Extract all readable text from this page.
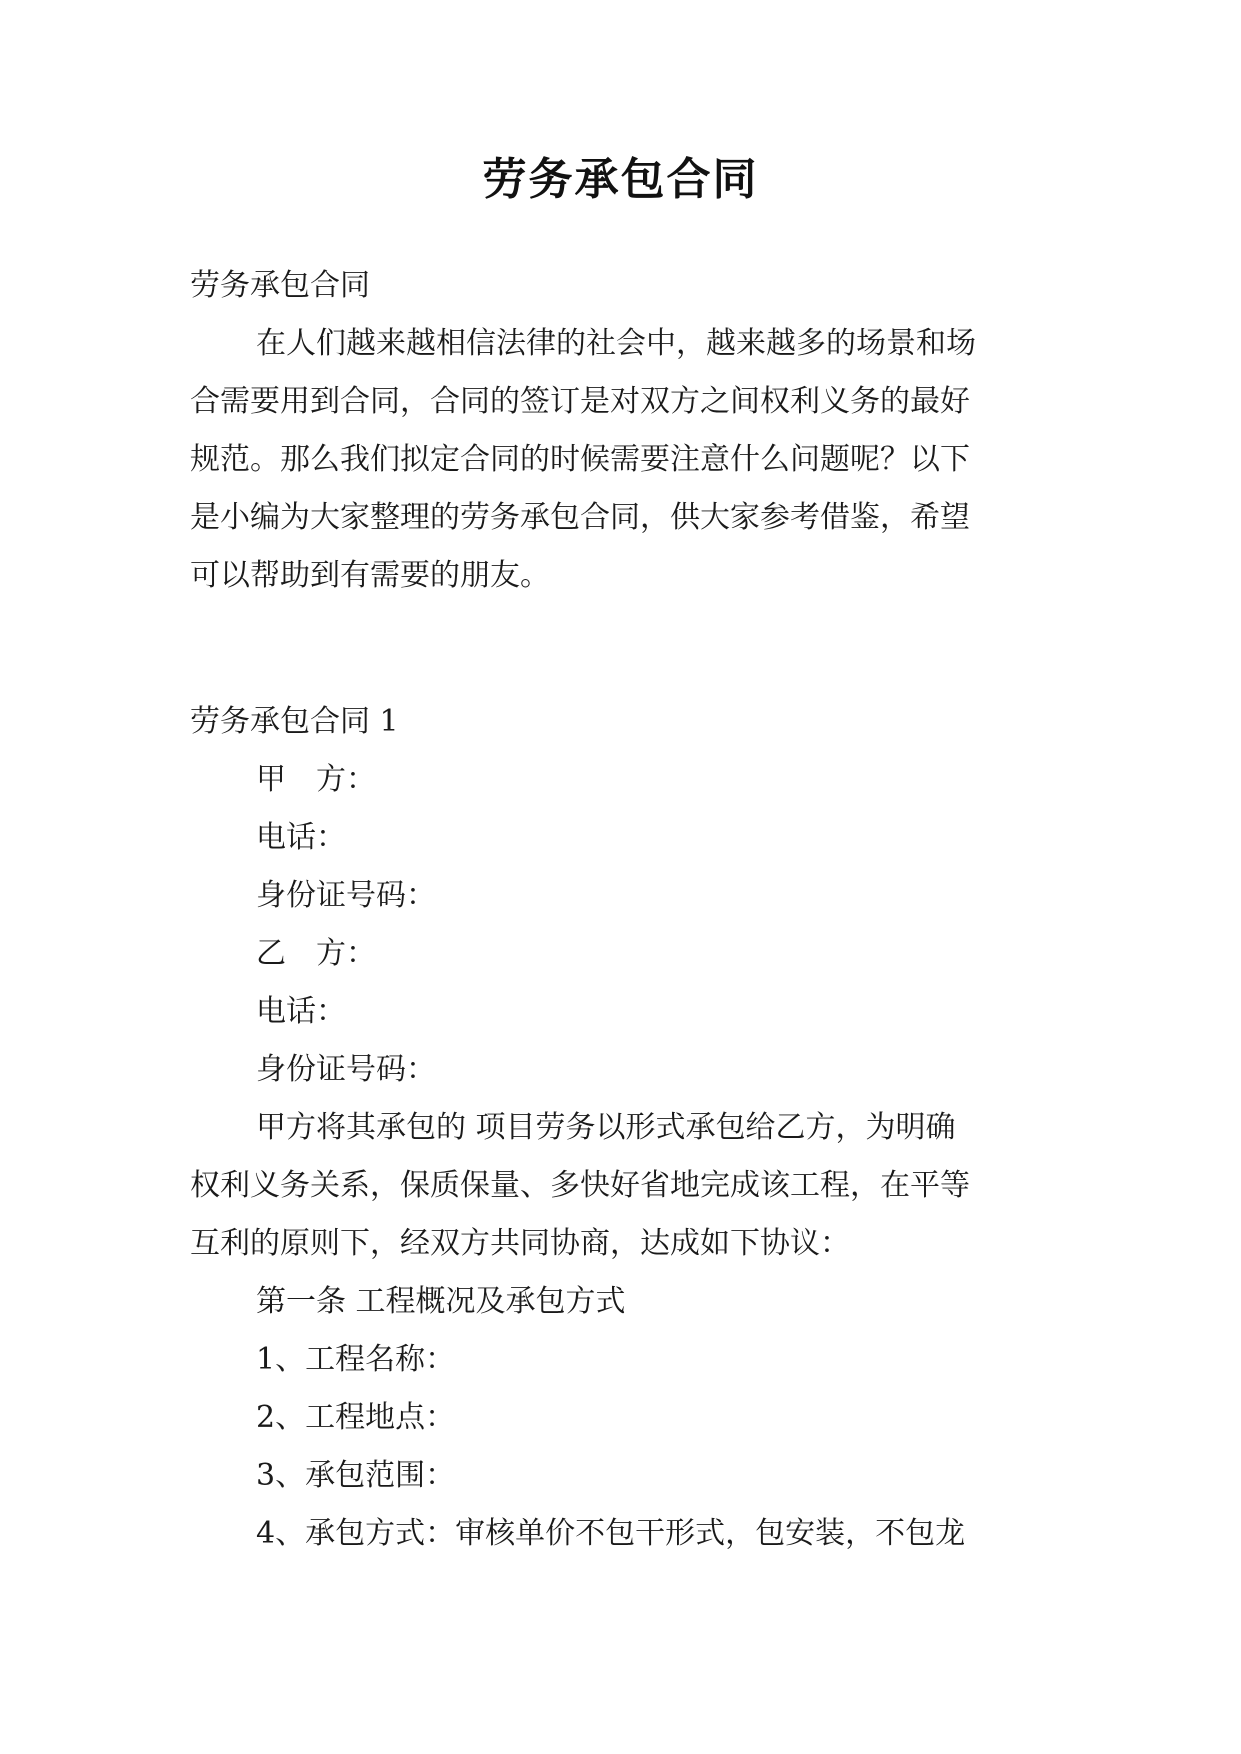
劳务承包合同
劳务承包合同
在人们越来越相信法律的社会中，越来越多的场景和场
合需要用到合同，合同的签订是对双方之间权利义务的最好
规范。那么我们拟定合同的时候需要注意什么问题呢？以下
是小编为大家整理的劳务承包合同，供大家参考借鉴，希望
可以帮助到有需要的朋友。
劳务承包合同 1
甲　方：
电话：
身份证号码：
乙　方：
电话：
身份证号码：
甲方将其承包的 项目劳务以形式承包给乙方，为明确
权利义务关系，保质保量、多快好省地完成该工程，在平等
互利的原则下，经双方共同协商，达成如下协议：
第一条 工程概况及承包方式
1、工程名称：
2、工程地点：
3、承包范围：
4、承包方式：审核单价不包干形式，包安装，不包龙
